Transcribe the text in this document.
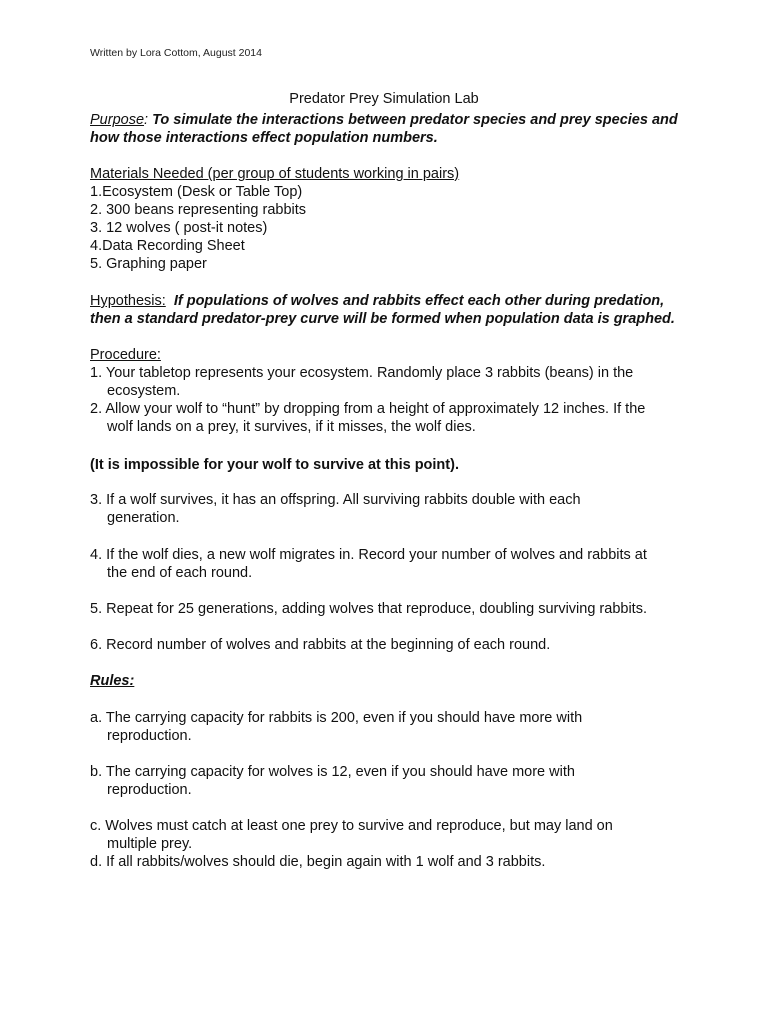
Written by Lora Cottom, August 2014
Predator Prey Simulation Lab
Purpose: To simulate the interactions between predator species and prey species and
how those interactions effect population numbers.
Materials Needed (per group of students working in pairs)
1.Ecosystem (Desk or Table Top)
2. 300 beans representing rabbits
3. 12 wolves ( post-it notes)
4.Data Recording Sheet
5. Graphing paper
Hypothesis: If populations of wolves and rabbits effect each other during predation,
then a standard predator-prey curve will be formed when population data is graphed.
Procedure:
1. Your tabletop represents your ecosystem. Randomly place 3 rabbits (beans) in the
ecosystem.
2. Allow your wolf to “hunt” by dropping from a height of approximately 12 inches. If the
wolf lands on a prey, it survives, if it misses, the wolf dies.
(It is impossible for your wolf to survive at this point).
3. If a wolf survives, it has an offspring. All surviving rabbits double with each
generation.
4. If the wolf dies, a new wolf migrates in. Record your number of wolves and rabbits at
the end of each round.
5. Repeat for 25 generations, adding wolves that reproduce, doubling surviving rabbits.
6. Record number of wolves and rabbits at the beginning of each round.
Rules:
a. The carrying capacity for rabbits is 200, even if you should have more with
reproduction.
b. The carrying capacity for wolves is 12, even if you should have more with
reproduction.
c. Wolves must catch at least one prey to survive and reproduce, but may land on
multiple prey.
d. If all rabbits/wolves should die, begin again with 1 wolf and 3 rabbits.
